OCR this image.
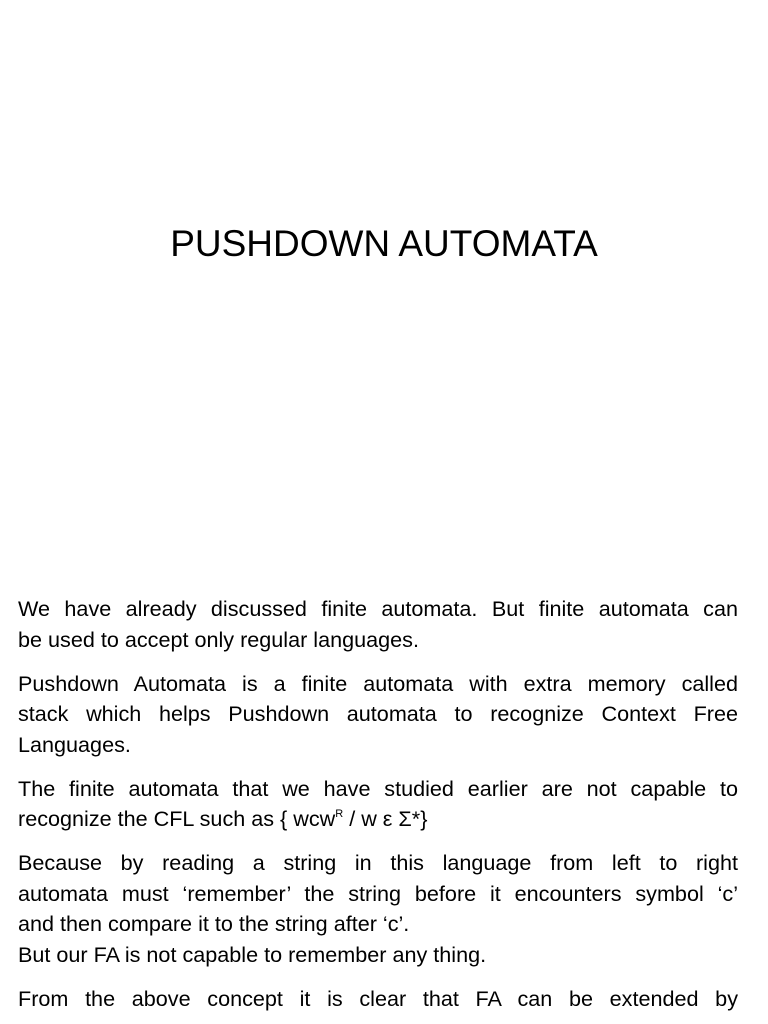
PUSHDOWN AUTOMATA

We have already discussed finite automata. But finite automata can
be used to accept only regular languages.

Pushdown Automata is a finite automata with extra memory called
stack which helps Pushdown automata to recognize Context Free
Languages.

The finite automata that we have studied earlier are not capable to
recognize the CFL such as { wcw$^R$ / w ε Σ*}

Because by reading a string in this language from left to right
automata must ‘remember’ the string before it encounters symbol ‘c’
and then compare it to the string after ‘c’.
But our FA is not capable to remember any thing.

From the above concept it is clear that FA can be extended by
